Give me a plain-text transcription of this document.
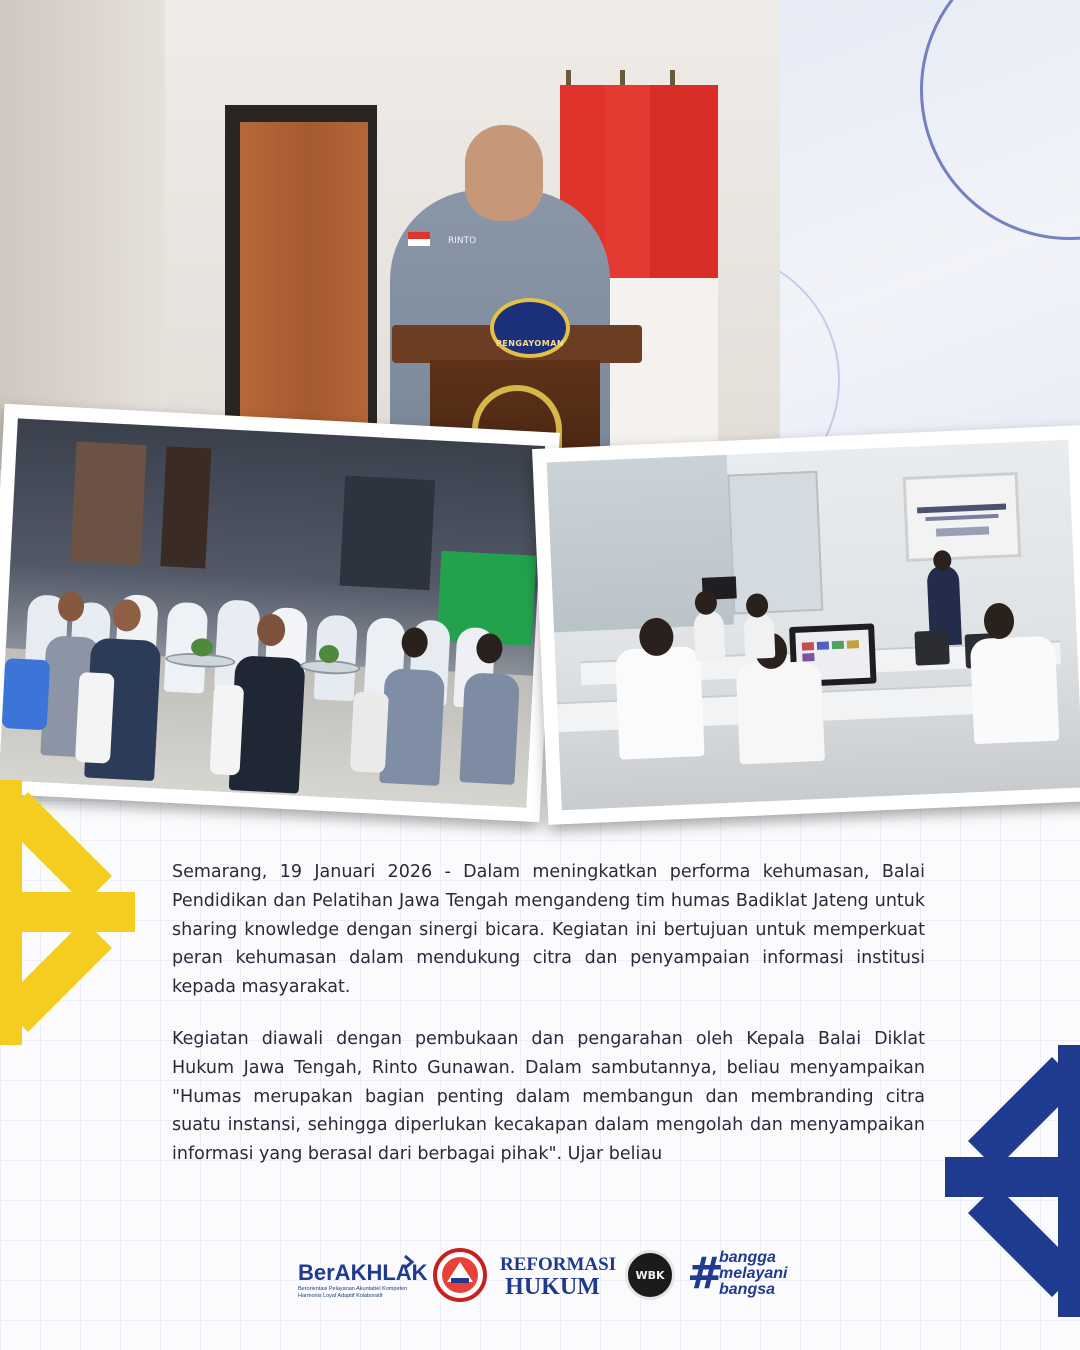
RINTO
PENGAYOMAN

Semarang, 19 Januari 2026 - Dalam meningkatkan performa kehumasan, Balai Pendidikan dan Pelatihan Jawa Tengah mengandeng tim humas Badiklat Jateng untuk sharing knowledge dengan sinergi bicara. Kegiatan ini bertujuan untuk memperkuat peran kehumasan dalam mendukung citra dan penyampaian informasi institusi kepada masyarakat.

Kegiatan diawali dengan pembukaan dan pengarahan oleh Kepala Balai Diklat Hukum Jawa Tengah, Rinto Gunawan. Dalam sambutannya, beliau menyampaikan "Humas merupakan bagian penting dalam membangun dan membranding citra suatu instansi, sehingga diperlukan kecakapan dalam mengolah dan menyampaikan informasi yang berasal dari berbagai pihak". Ujar beliau

BerAKHLAK
Berorientasi Pelayanan Akuntabel Kompeten Harmonis Loyal Adaptif Kolaboratif
REFORMASI
HUKUM	WBK #
bangga
melayani
bangsa
